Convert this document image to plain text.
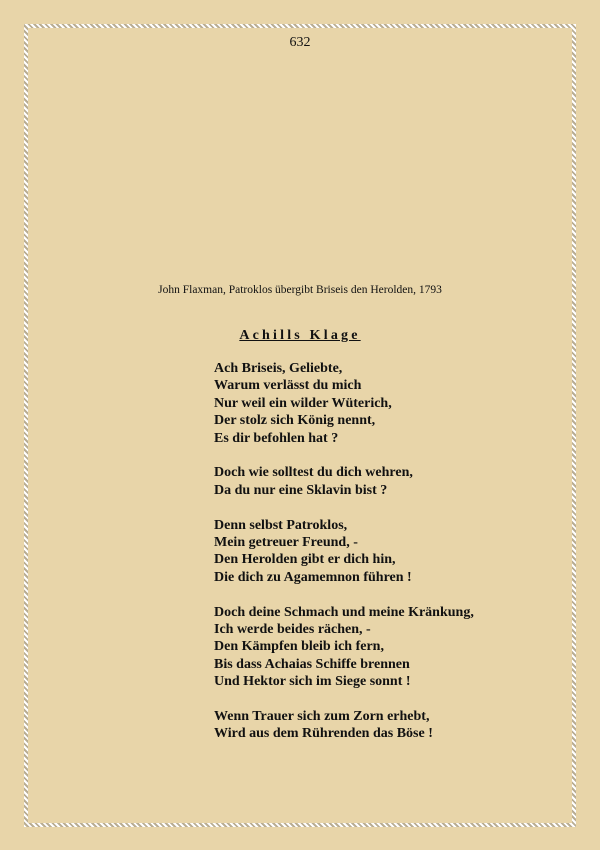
632
John Flaxman, Patroklos übergibt Briseis den Herolden, 1793
Achills Klage
Ach Briseis, Geliebte,
Warum verlässt du mich
Nur weil ein wilder Wüterich,
Der stolz sich König nennt,
Es dir befohlen hat ?
Doch wie solltest du dich wehren,
Da du nur eine Sklavin bist ?
Denn selbst Patroklos,
Mein getreuer Freund, -
Den Herolden gibt er dich hin,
Die dich zu Agamemnon führen !
Doch deine Schmach und meine Kränkung,
Ich werde beides rächen, -
Den Kämpfen bleib ich fern,
Bis dass Achaias Schiffe brennen
Und Hektor sich im Siege sonnt !
Wenn Trauer sich zum Zorn erhebt,
Wird aus dem Rührenden das Böse !
